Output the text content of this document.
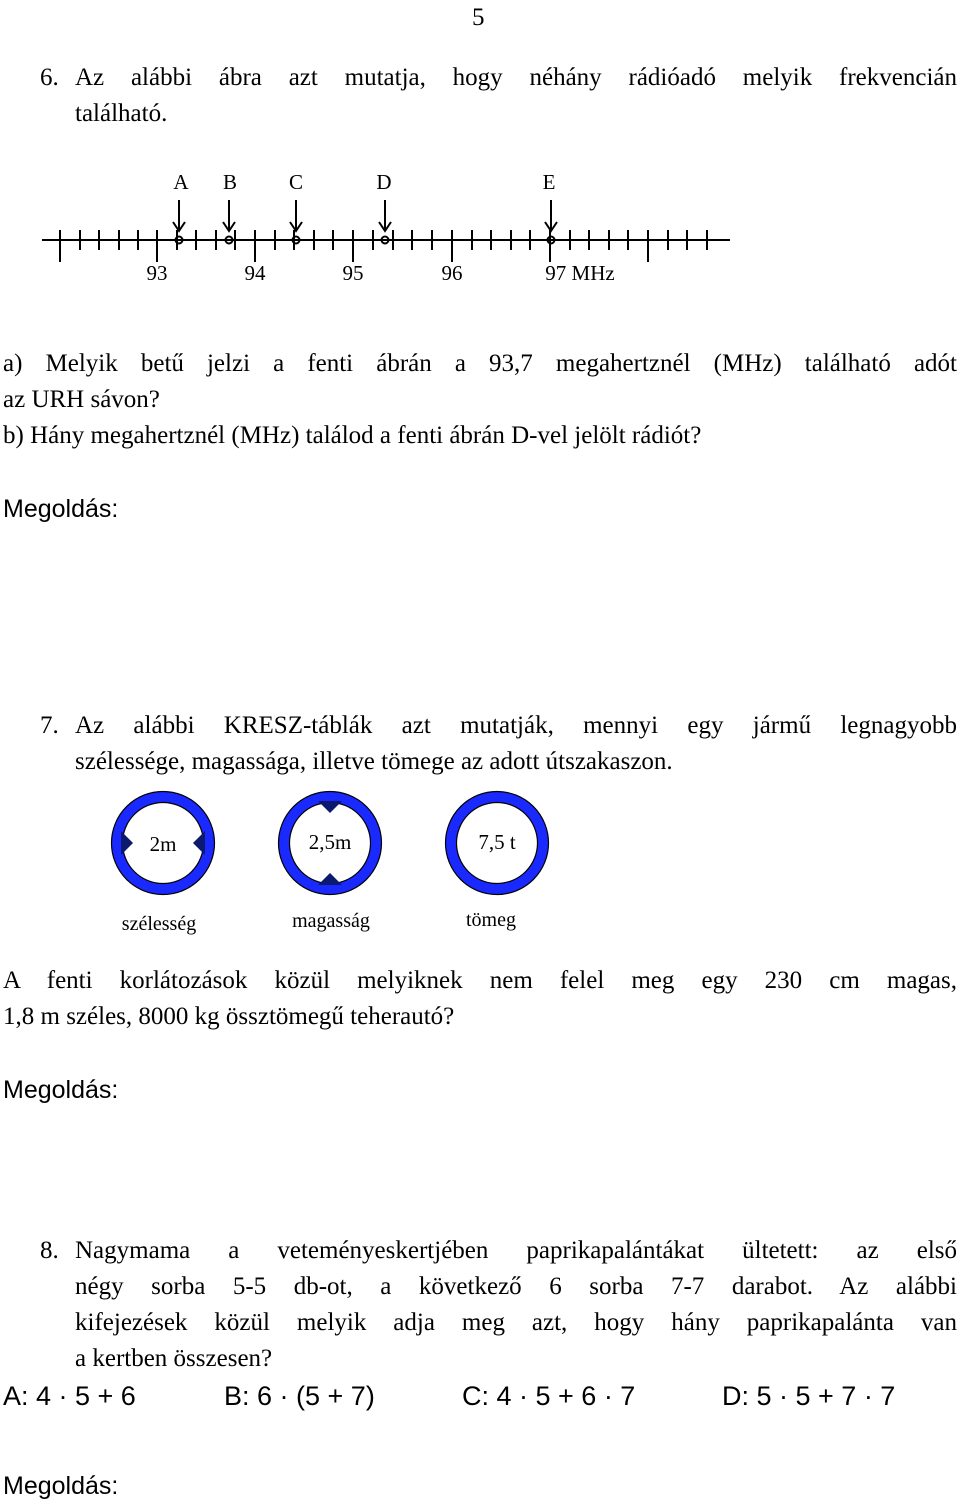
5
6. Az alábbi ábra azt mutatja, hogy néhány rádióadó melyik frekvencián
található.
A B C	D	E
93	94	95	96	97 MHz
a) Melyik betű jelzi a fenti ábrán a 93,7 megahertznél (MHz) található adót
az URH sávon?
b) Hány megahertznél (MHz) találod a fenti ábrán D-vel jelölt rádiót?
Megoldás:
7. Az alábbi KRESZ-táblák azt mutatják, mennyi egy jármű legnagyobb
szélessége, magassága, illetve tömege az adott útszakaszon.
2m	2,5m	7,5 t
szélesség	magasság	tömeg
A fenti korlátozások közül melyiknek nem felel meg egy 230 cm magas,
1,8 m széles, 8000 kg össztömegű teherautó?
Megoldás:
8. Nagymama a veteményeskertjében paprikapalántákat ültetett: az első
négy sorba 5-5 db-ot, a következő 6 sorba 7-7 darabot. Az alábbi
kifejezések közül melyik adja meg azt, hogy hány paprikapalánta van
a kertben összesen?
A: 4 · 5 + 6	B: 6 · (5 + 7)	C: 4 · 5 + 6 · 7	D: 5 · 5 + 7 · 7
Megoldás:
